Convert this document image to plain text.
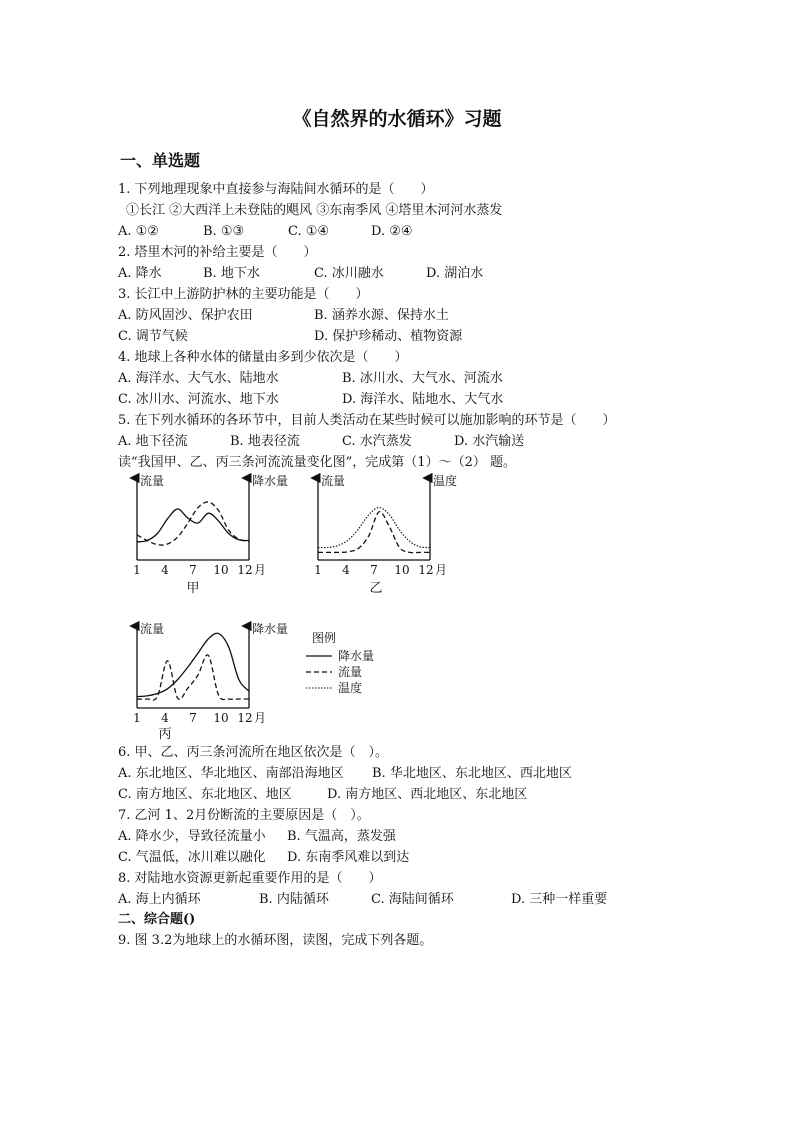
《自然界的水循环》习题
一、单选题
1. 下列地理现象中直接参与海陆间水循环的是（　　）
①长江 ②大西洋上未登陆的飓风 ③东南季风 ④塔里木河河水蒸发
A. ①②	B. ①③	C. ①④	D. ②④
2. 塔里木河的补给主要是（　　）
A. 降水	B. 地下水	C. 冰川融水	D. 湖泊水
3. 长江中上游防护林的主要功能是（　　）
A. 防风固沙、保护农田	B. 涵养水源、保持水土
C. 调节气候	D. 保护珍稀动、植物资源
4. 地球上各种水体的储量由多到少依次是（　　）
A. 海洋水、大气水、陆地水	B. 冰川水、大气水、河流水
C. 冰川水、河流水、地下水	D. 海洋水、陆地水、大气水
5. 在下列水循环的各环节中，目前人类活动在某些时候可以施加影响的环节是（　　）
A. 地下径流	B. 地表径流	C. 水汽蒸发	D. 水汽输送
读“我国甲、乙、丙三条河流流量变化图”，完成第（1）～（2） 题。
流量	降水量
1 4 7 10 12 月
甲
流量	温度
1 4 7 10 12 月
乙
流量	降水量
1 4 7 10 12 月
丙
图例
降水量
流量
温度
6. 甲、乙、丙三条河流所在地区依次是（　）。
A. 东北地区、华北地区、南部沿海地区 B. 华北地区、东北地区、西北地区
C. 南方地区、东北地区、地区	D. 南方地区、西北地区、东北地区
7. 乙河 1、2月份断流的主要原因是（　）。
A. 降水少，导致径流量小 B. 气温高，蒸发强
C. 气温低，冰川难以融化 D. 东南季风难以到达
8. 对陆地水资源更新起重要作用的是（　　）
A. 海上内循环	B. 内陆循环	C. 海陆间循环	D. 三种一样重要
二、综合题()
9. 图 3.2为地球上的水循环图，读图，完成下列各题。
